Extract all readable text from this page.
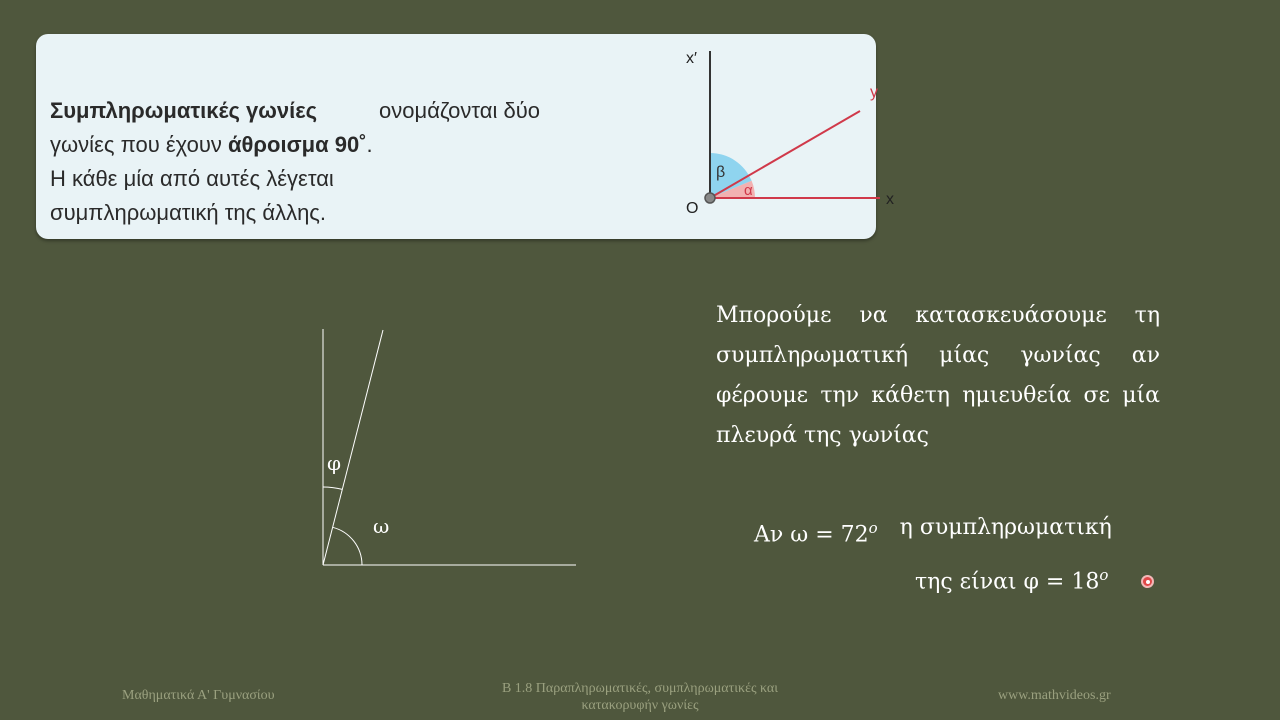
Συμπληρωματικές γωνίες	ονομάζονται δύο
γωνίες που έχουν άθροισμα 90˚.
Η κάθε μία από αυτές λέγεται
συμπληρωματική της άλλης.
x′
y
x
O
β
α
φ
ω
Μπορούμε να κατασκευάσουμε τη συμπληρωματική μίας γωνίας αν φέρουμε την κάθετη ημιευθεία σε μία πλευρά της γωνίας
Αν $\omega = 72^o$ η συμπληρωματική
της είναι $\varphi = 18^o$
Μαθηματικά Α' Γυμνασίου	Β 1.8 Παραπληρωματικές, συμπληρωματικές και
κατακορυφήν γωνίες
www.mathvideos.gr
